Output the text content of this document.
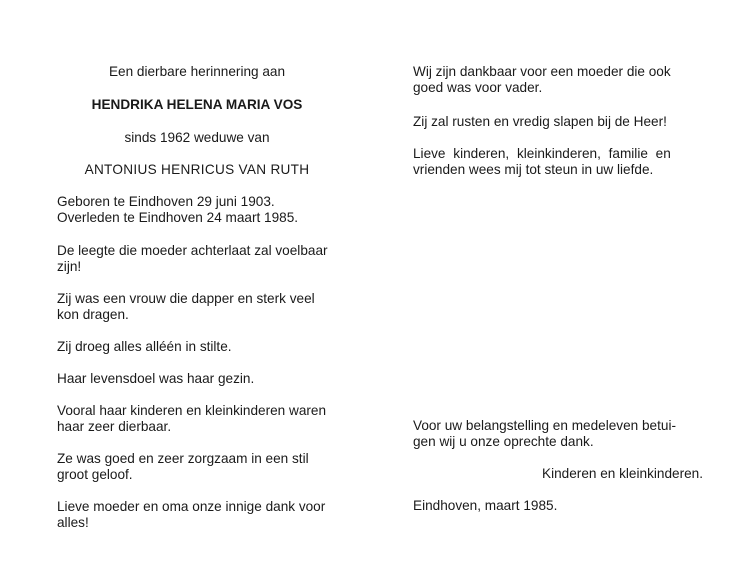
Een dierbare herinnering aan
HENDRIKA HELENA MARIA VOS
sinds 1962 weduwe van
ANTONIUS HENRICUS VAN RUTH
Geboren te Eindhoven 29 juni 1903.
Overleden te Eindhoven 24 maart 1985.
De leegte die moeder achterlaat zal voelbaar
zijn!
Zij was een vrouw die dapper en sterk veel
kon dragen.
Zij droeg alles alléén in stilte.
Haar levensdoel was haar gezin.
Vooral haar kinderen en kleinkinderen waren
haar zeer dierbaar.
Ze was goed en zeer zorgzaam in een stil
groot geloof.
Lieve moeder en oma onze innige dank voor
alles!
Wij zijn dankbaar voor een moeder die ook
goed was voor vader.
Zij zal rusten en vredig slapen bij de Heer!
Lieve kinderen, kleinkinderen, familie en
vrienden wees mij tot steun in uw liefde.
Voor uw belangstelling en medeleven betui-
gen wij u onze oprechte dank.
Kinderen en kleinkinderen.
Eindhoven, maart 1985.
